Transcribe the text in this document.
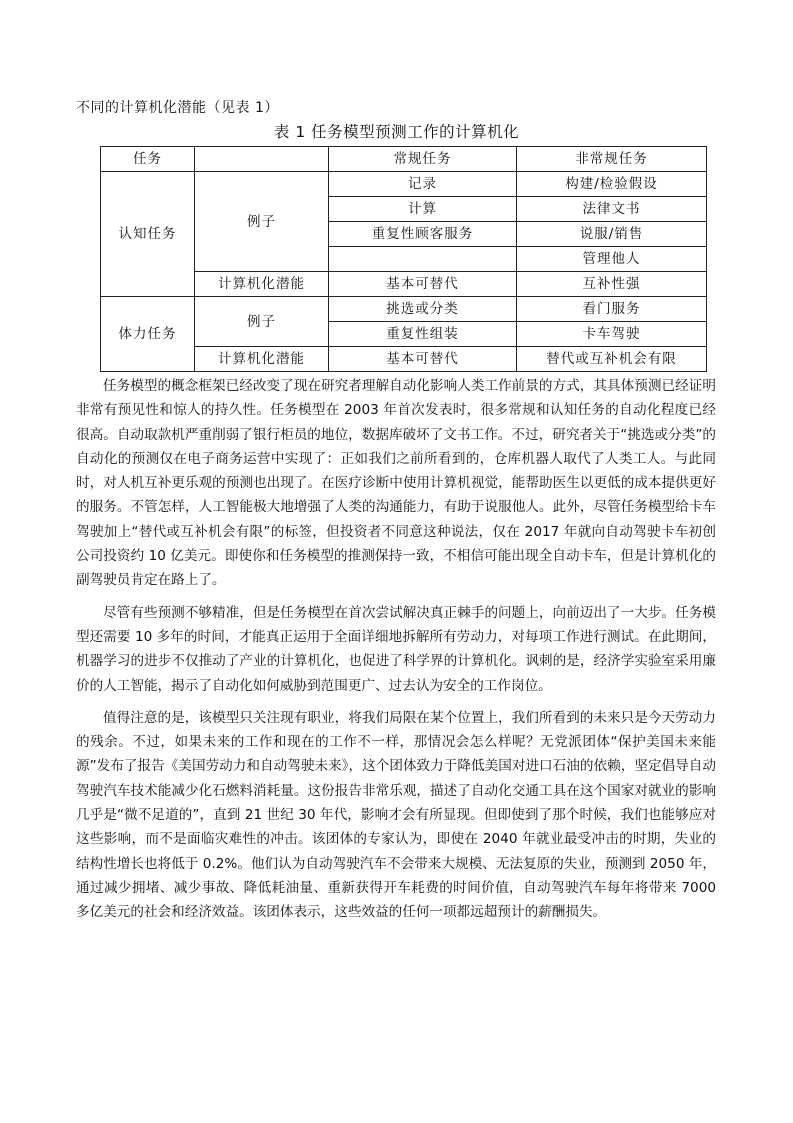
不同的计算机化潜能（见表 1）
表 1 任务模型预测工作的计算机化
任务		常规任务	非常规任务
认知任务	例子	记录	构建/检验假设
		计算	法律文书
		重复性顾客服务	说服/销售
			管理他人
	计算机化潜能	基本可替代	互补性强
体力任务	例子	挑选或分类	看门服务
		重复性组装	卡车驾驶
	计算机化潜能	基本可替代	替代或互补机会有限

任务模型的概念框架已经改变了现在研究者理解自动化影响人类工作前景的方式，其具体预测已经证明非常有预见性和惊人的持久性。任务模型在 2003 年首次发表时，很多常规和认知任务的自动化程度已经很高。自动取款机严重削弱了银行柜员的地位，数据库破坏了文书工作。不过，研究者关于“挑选或分类”的自动化的预测仅在电子商务运营中实现了：正如我们之前所看到的，仓库机器人取代了人类工人。与此同时，对人机互补更乐观的预测也出现了。在医疗诊断中使用计算机视觉，能帮助医生以更低的成本提供更好的服务。不管怎样，人工智能极大地增强了人类的沟通能力，有助于说服他人。此外，尽管任务模型给卡车驾驶加上“替代或互补机会有限”的标签，但投资者不同意这种说法，仅在 2017 年就向自动驾驶卡车初创公司投资约 10 亿美元。即使你和任务模型的推测保持一致，不相信可能出现全自动卡车，但是计算机化的副驾驶员肯定在路上了。

尽管有些预测不够精准，但是任务模型在首次尝试解决真正棘手的问题上，向前迈出了一大步。任务模型还需要 10 多年的时间，才能真正运用于全面详细地拆解所有劳动力，对每项工作进行测试。在此期间，机器学习的进步不仅推动了产业的计算机化，也促进了科学界的计算机化。讽刺的是，经济学实验室采用廉价的人工智能，揭示了自动化如何威胁到范围更广、过去认为安全的工作岗位。

值得注意的是，该模型只关注现有职业，将我们局限在某个位置上，我们所看到的未来只是今天劳动力的残余。不过，如果未来的工作和现在的工作不一样，那情况会怎么样呢？无党派团体“保护美国未来能源”发布了报告《美国劳动力和自动驾驶未来》，这个团体致力于降低美国对进口石油的依赖，坚定倡导自动驾驶汽车技术能减少化石燃料消耗量。这份报告非常乐观，描述了自动化交通工具在这个国家对就业的影响几乎是“微不足道的”，直到 21 世纪 30 年代，影响才会有所显现。但即使到了那个时候，我们也能够应对这些影响，而不是面临灾难性的冲击。该团体的专家认为，即使在 2040 年就业最受冲击的时期，失业的结构性增长也将低于 0.2%。他们认为自动驾驶汽车不会带来大规模、无法复原的失业，预测到 2050 年，通过减少拥堵、减少事故、降低耗油量、重新获得开车耗费的时间价值，自动驾驶汽车每年将带来 7000 多亿美元的社会和经济效益。该团体表示，这些效益的任何一项都远超预计的薪酬损失。
